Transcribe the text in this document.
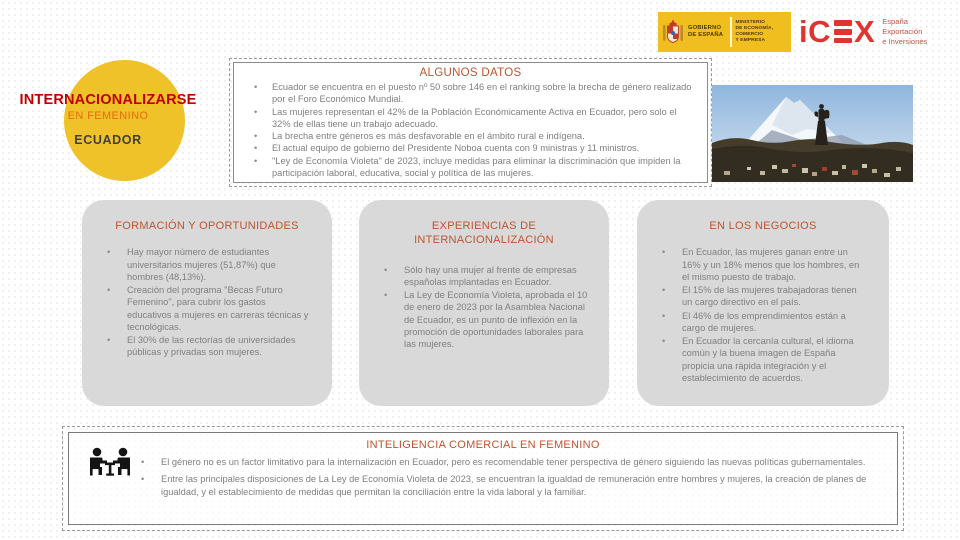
GOBIERNO
DE ESPAÑA
MINISTERIO
DE ECONOMÍA, COMERCIO
Y EMPRESA	iC X España
Exportación
e Inversiones
INTERNACIONALIZARSE
EN FEMENINO
ECUADOR
ALGUNOS DATOS
• Ecuador se encuentra en el puesto nº 50 sobre 146 en el ranking sobre la brecha de género realizado por el Foro Económico Mundial.
• Las mujeres representan el 42% de la Población Económicamente Activa en Ecuador, pero solo el 32% de ellas tiene un trabajo adecuado.
• La brecha entre géneros es más desfavorable en el ámbito rural e indígena.
• El actual equipo de gobierno del Presidente Noboa cuenta con 9 ministras y 11 ministros.
• "Ley de Economía Violeta" de 2023, incluye medidas para eliminar la discriminación que impiden la participación laboral, educativa, social y política de las mujeres.
FORMACIÓN Y OPORTUNIDADES
• Hay mayor número de estudiantes universitarios mujeres (51,87%) que hombres (48,13%).
• Creación del programa "Becas Futuro Femenino", para cubrir los gastos educativos a mujeres en carreras técnicas y tecnológicas.
• El 30% de las rectorías de universidades públicas y privadas son mujeres.
EXPERIENCIAS DE INTERNACIONALIZACIÓN
• Sólo hay una mujer al frente de empresas españolas implantadas en Ecuador.
• La Ley de Economía Violeta, aprobada el 10 de enero de 2023 por la Asamblea Nacional de Ecuador, es un punto de inflexión en la promoción de oportunidades laborales para las mujeres.
EN LOS NEGOCIOS
• En Ecuador, las mujeres ganan entre un 16% y un 18% menos que los hombres, en el mismo puesto de trabajo.
• El 15% de las mujeres trabajadoras tienen un cargo directivo en el país.
• El 46% de los emprendimientos están a cargo de mujeres.
• En Ecuador la cercanía cultural, el idioma común y la buena imagen de España propicia una rápida integración y el establecimiento de acuerdos.
INTELIGENCIA COMERCIAL EN FEMENINO
• El género no es un factor limitativo para la internalización en Ecuador, pero es recomendable tener perspectiva de género siguiendo las nuevas políticas gubernamentales.
• Entre las principales disposiciones de La Ley de Economía Violeta de 2023, se encuentran la igualdad de remuneración entre hombres y mujeres, la creación de planes de igualdad, y el establecimiento de medidas que permitan la conciliación entre la vida laboral y la familiar.
